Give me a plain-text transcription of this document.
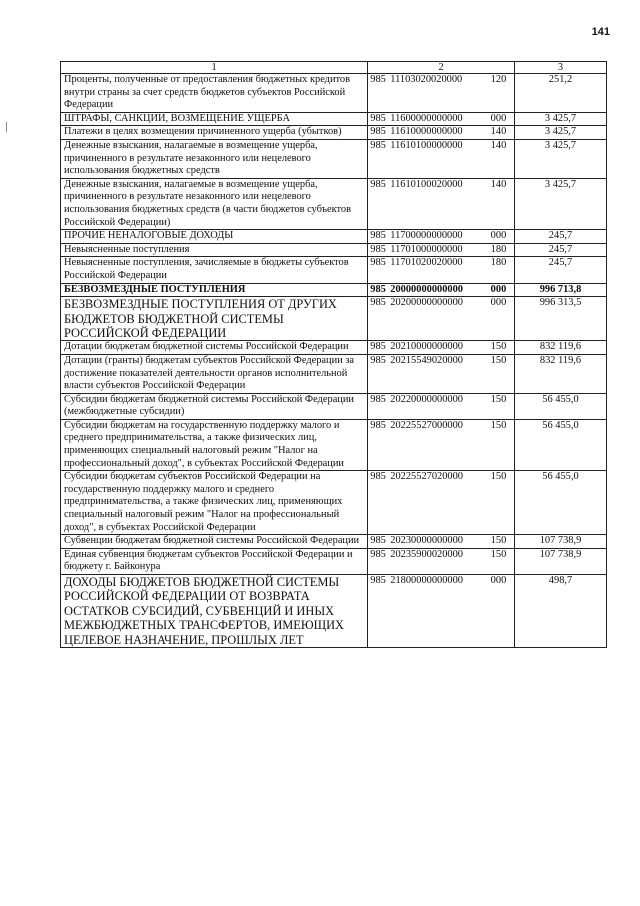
141
1	2	3
Проценты, полученные от предоставления бюджетных кредитов внутри страны за счет средств бюджетов субъектов Российской Федерации	985 11103020020000 120	251,2
ШТРАФЫ, САНКЦИИ, ВОЗМЕЩЕНИЕ УЩЕРБА	985 11600000000000 000	3 425,7
Платежи в целях возмещения причиненного ущерба (убытков)	985 11610000000000 140	3 425,7
Денежные взыскания, налагаемые в возмещение ущерба, причиненного в результате незаконного или нецелевого использования бюджетных средств	985 11610100000000 140	3 425,7
Денежные взыскания, налагаемые в возмещение ущерба, причиненного в результате незаконного или нецелевого использования бюджетных средств (в части бюджетов субъектов Российской Федерации)	985 11610100020000 140	3 425,7
ПРОЧИЕ НЕНАЛОГОВЫЕ ДОХОДЫ	985 11700000000000 000	245,7
Невыясненные поступления	985 11701000000000 180	245,7
Невыясненные поступления, зачисляемые в бюджеты субъектов Российской Федерации	985 11701020020000 180	245,7
БЕЗВОЗМЕЗДНЫЕ ПОСТУПЛЕНИЯ	985 20000000000000 000	996 713,8
БЕЗВОЗМЕЗДНЫЕ ПОСТУПЛЕНИЯ ОТ ДРУГИХ БЮДЖЕТОВ БЮДЖЕТНОЙ СИСТЕМЫ РОССИЙСКОЙ ФЕДЕРАЦИИ	985 20200000000000 000	996 313,5
Дотации бюджетам бюджетной системы Российской Федерации	985 20210000000000 150	832 119,6
Дотации (гранты) бюджетам субъектов Российской Федерации за достижение показателей деятельности органов исполнительной власти субъектов Российской Федерации	985 20215549020000 150	832 119,6
Субсидии бюджетам бюджетной системы Российской Федерации (межбюджетные субсидии)	985 20220000000000 150	56 455,0
Субсидии бюджетам на государственную поддержку малого и среднего предпринимательства, а также физических лиц, применяющих специальный налоговый режим "Налог на профессиональный доход", в субъектах Российской Федерации	985 20225527000000 150	56 455,0
Субсидии бюджетам субъектов Российской Федерации на государственную поддержку малого и среднего предпринимательства, а также физических лиц, применяющих специальный налоговый режим "Налог на профессиональный доход", в субъектах Российской Федерации	985 20225527020000 150	56 455,0
Субвенции бюджетам бюджетной системы Российской Федерации	985 20230000000000 150	107 738,9
Единая субвенция бюджетам субъектов Российской Федерации и бюджету г. Байконура	985 20235900020000 150	107 738,9
ДОХОДЫ БЮДЖЕТОВ БЮДЖЕТНОЙ СИСТЕМЫ РОССИЙСКОЙ ФЕДЕРАЦИИ ОТ ВОЗВРАТА ОСТАТКОВ СУБСИДИЙ, СУБВЕНЦИЙ И ИНЫХ МЕЖБЮДЖЕТНЫХ ТРАНСФЕРТОВ, ИМЕЮЩИХ ЦЕЛЕВОЕ НАЗНАЧЕНИЕ, ПРОШЛЫХ ЛЕТ	985 21800000000000 000	498,7
